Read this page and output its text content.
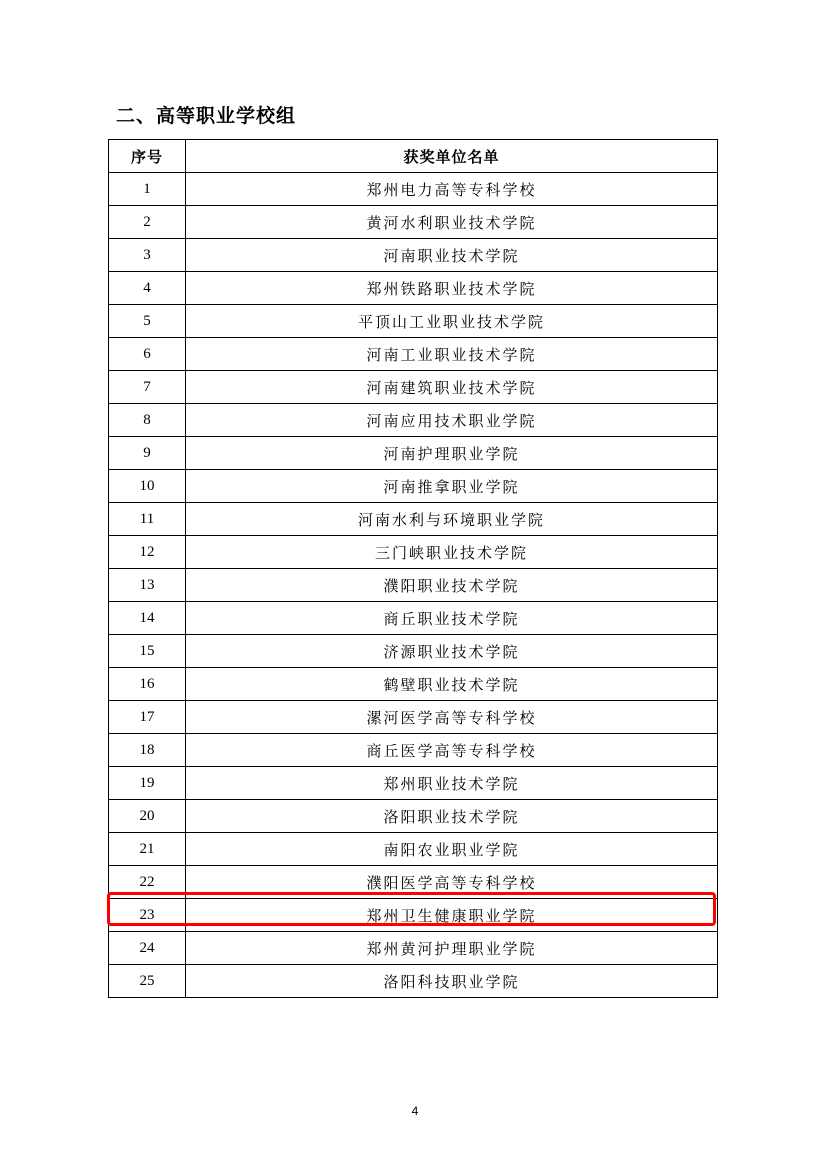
二、高等职业学校组
序号	获奖单位名单
1	郑州电力高等专科学校
2	黄河水利职业技术学院
3	河南职业技术学院
4	郑州铁路职业技术学院
5	平顶山工业职业技术学院
6	河南工业职业技术学院
7	河南建筑职业技术学院
8	河南应用技术职业学院
9	河南护理职业学院
10	河南推拿职业学院
11	河南水利与环境职业学院
12	三门峡职业技术学院
13	濮阳职业技术学院
14	商丘职业技术学院
15	济源职业技术学院
16	鹤壁职业技术学院
17	漯河医学高等专科学校
18	商丘医学高等专科学校
19	郑州职业技术学院
20	洛阳职业技术学院
21	南阳农业职业学院
22	濮阳医学高等专科学校
23	郑州卫生健康职业学院
24	郑州黄河护理职业学院
25	洛阳科技职业学院
4
